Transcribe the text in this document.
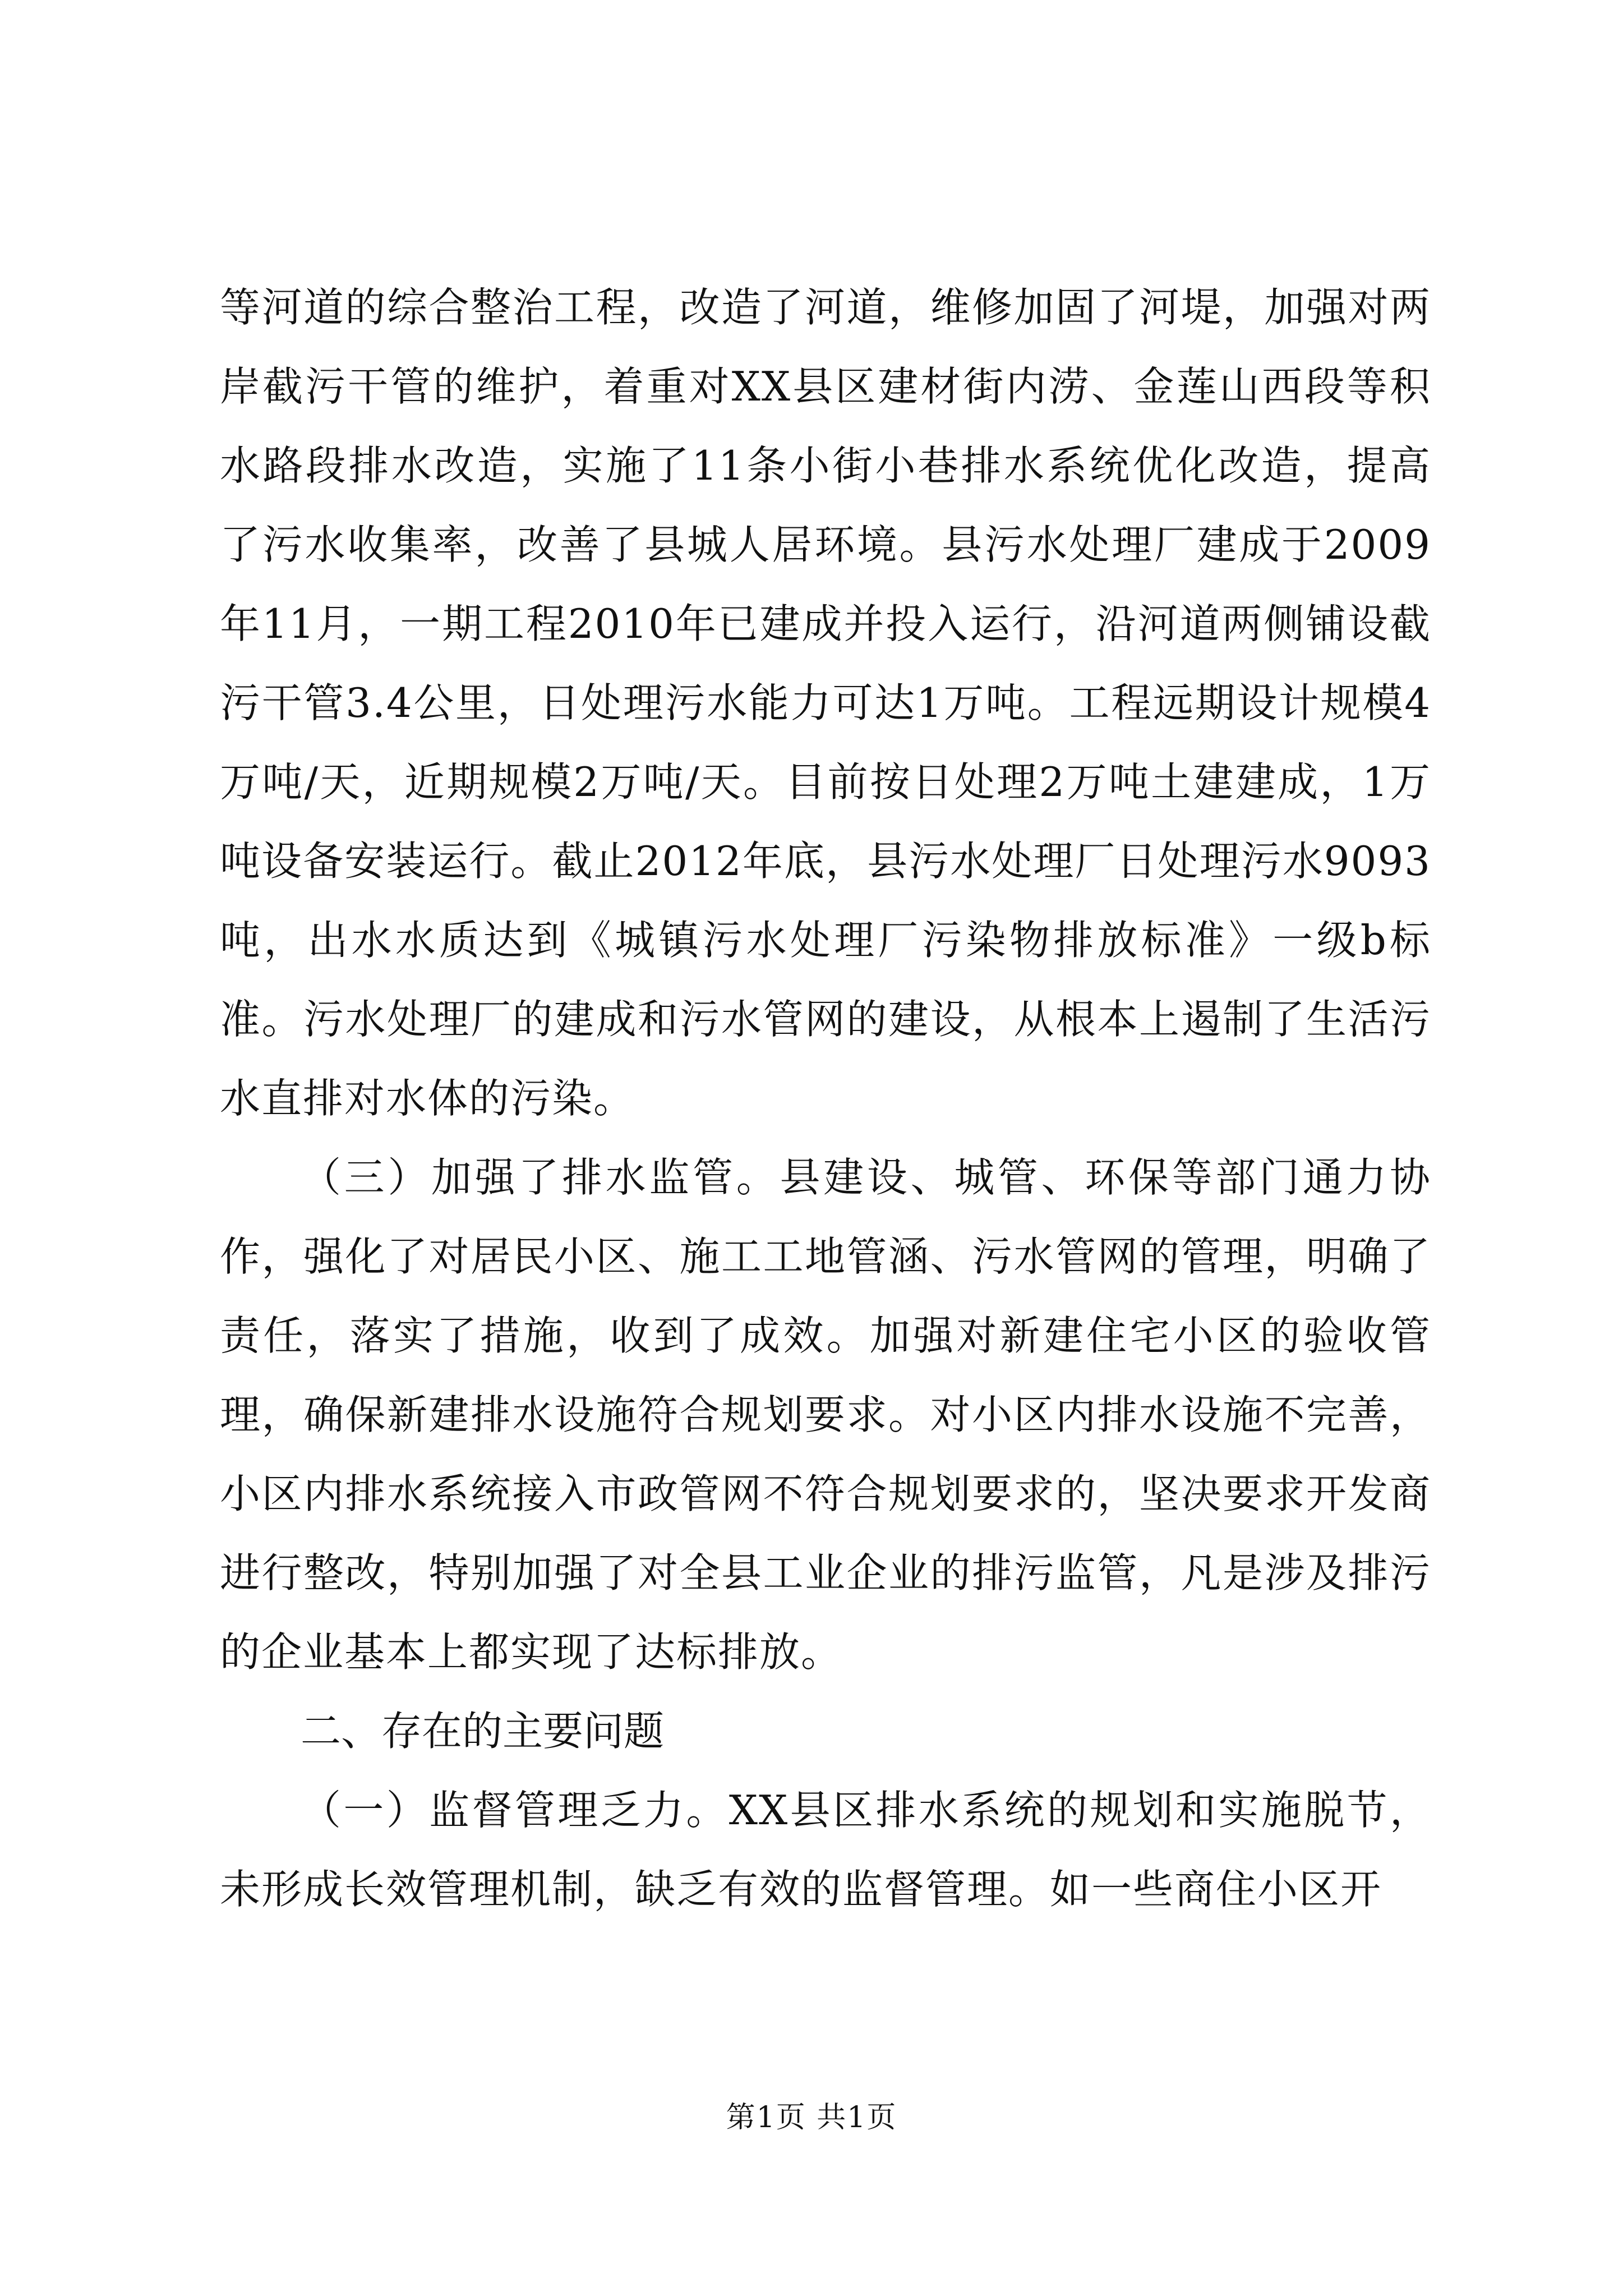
等河道的综合整治工程，改造了河道，维修加固了河堤，加强对两岸截污干管的维护，着重对XX县区建材街内涝、金莲山西段等积水路段排水改造，实施了11条小街小巷排水系统优化改造，提高了污水收集率，改善了县城人居环境。县污水处理厂建成于2009年11月，一期工程2010年已建成并投入运行，沿河道两侧铺设截污干管3.4公里，日处理污水能力可达1万吨。工程远期设计规模4万吨/天，近期规模2万吨/天。目前按日处理2万吨土建建成，1万吨设备安装运行。截止2012年底，县污水处理厂日处理污水9093吨，出水水质达到《城镇污水处理厂污染物排放标准》一级b标准。污水处理厂的建成和污水管网的建设，从根本上遏制了生活污水直排对水体的污染。

（三）加强了排水监管。县建设、城管、环保等部门通力协作，强化了对居民小区、施工工地管涵、污水管网的管理，明确了责任，落实了措施，收到了成效。加强对新建住宅小区的验收管理，确保新建排水设施符合规划要求。对小区内排水设施不完善，小区内排水系统接入市政管网不符合规划要求的，坚决要求开发商进行整改，特别加强了对全县工业企业的排污监管，凡是涉及排污的企业基本上都实现了达标排放。

二、存在的主要问题

（一）监督管理乏力。XX县区排水系统的规划和实施脱节，未形成长效管理机制，缺乏有效的监督管理。如一些商住小区开

第1页 共1页
